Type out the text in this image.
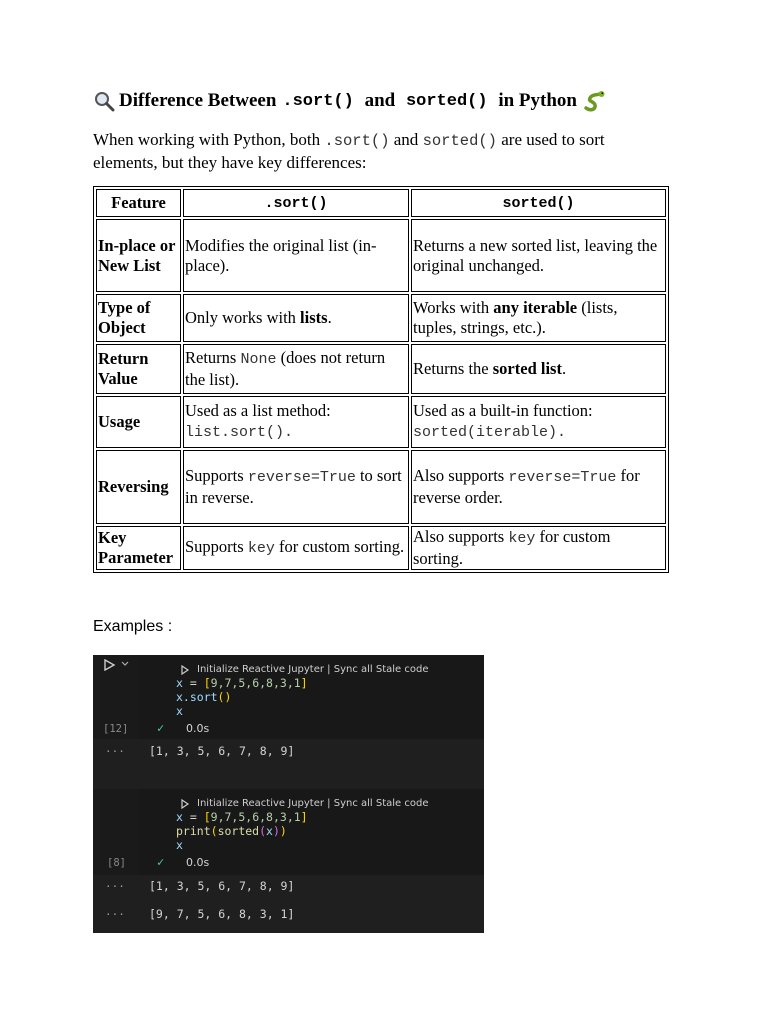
Difference Between .sort() and sorted() in Python
When working with Python, both .sort() and sorted() are used to sort elements, but they have key differences:
Feature	.sort()	sorted()
In-place or New List	Modifies the original list (in-place).	Returns a new sorted list, leaving the original unchanged.
Type of Object	Only works with lists.	Works with any iterable (lists, tuples, strings, etc.).
Return Value	Returns None (does not return the list).	Returns the sorted list.
Usage	Used as a list method: list.sort().	Used as a built-in function: sorted(iterable).
Reversing	Supports reverse=True to sort in reverse.	Also supports reverse=True for reverse order.
Key Parameter	Supports key for custom sorting.	Also supports key for custom sorting.
Examples :
Initialize Reactive Jupyter | Sync all Stale code
x = [9,7,5,6,8,3,1]
x.sort()
x
[12] ✓ 0.0s
··· [1, 3, 5, 6, 7, 8, 9]
Initialize Reactive Jupyter | Sync all Stale code
x = [9,7,5,6,8,3,1]
print(sorted(x))
x
[8]	✓ 0.0s
··· [1, 3, 5, 6, 7, 8, 9]
··· [9, 7, 5, 6, 8, 3, 1]
